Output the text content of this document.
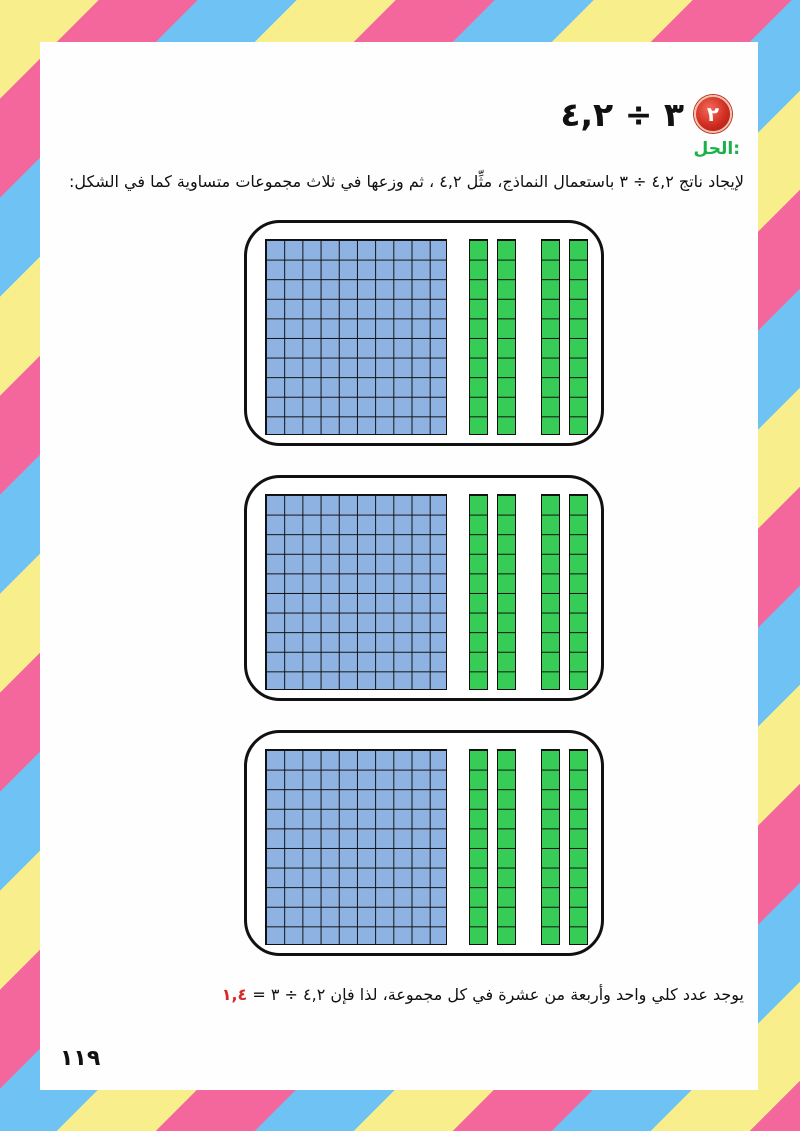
٣ ÷ ٤,٢	٢
الحل:
لإيجاد ناتج ٤,٢ ÷ ٣ باستعمال النماذج، مثِّل ٤,٢ ، ثم وزعها في ثلاث مجموعات متساوية كما في الشكل:
يوجد عدد كلي واحد وأربعة من عشرة في كل مجموعة، لذا فإن ٤,٢ ÷ ٣ = ١,٤
١١٩
